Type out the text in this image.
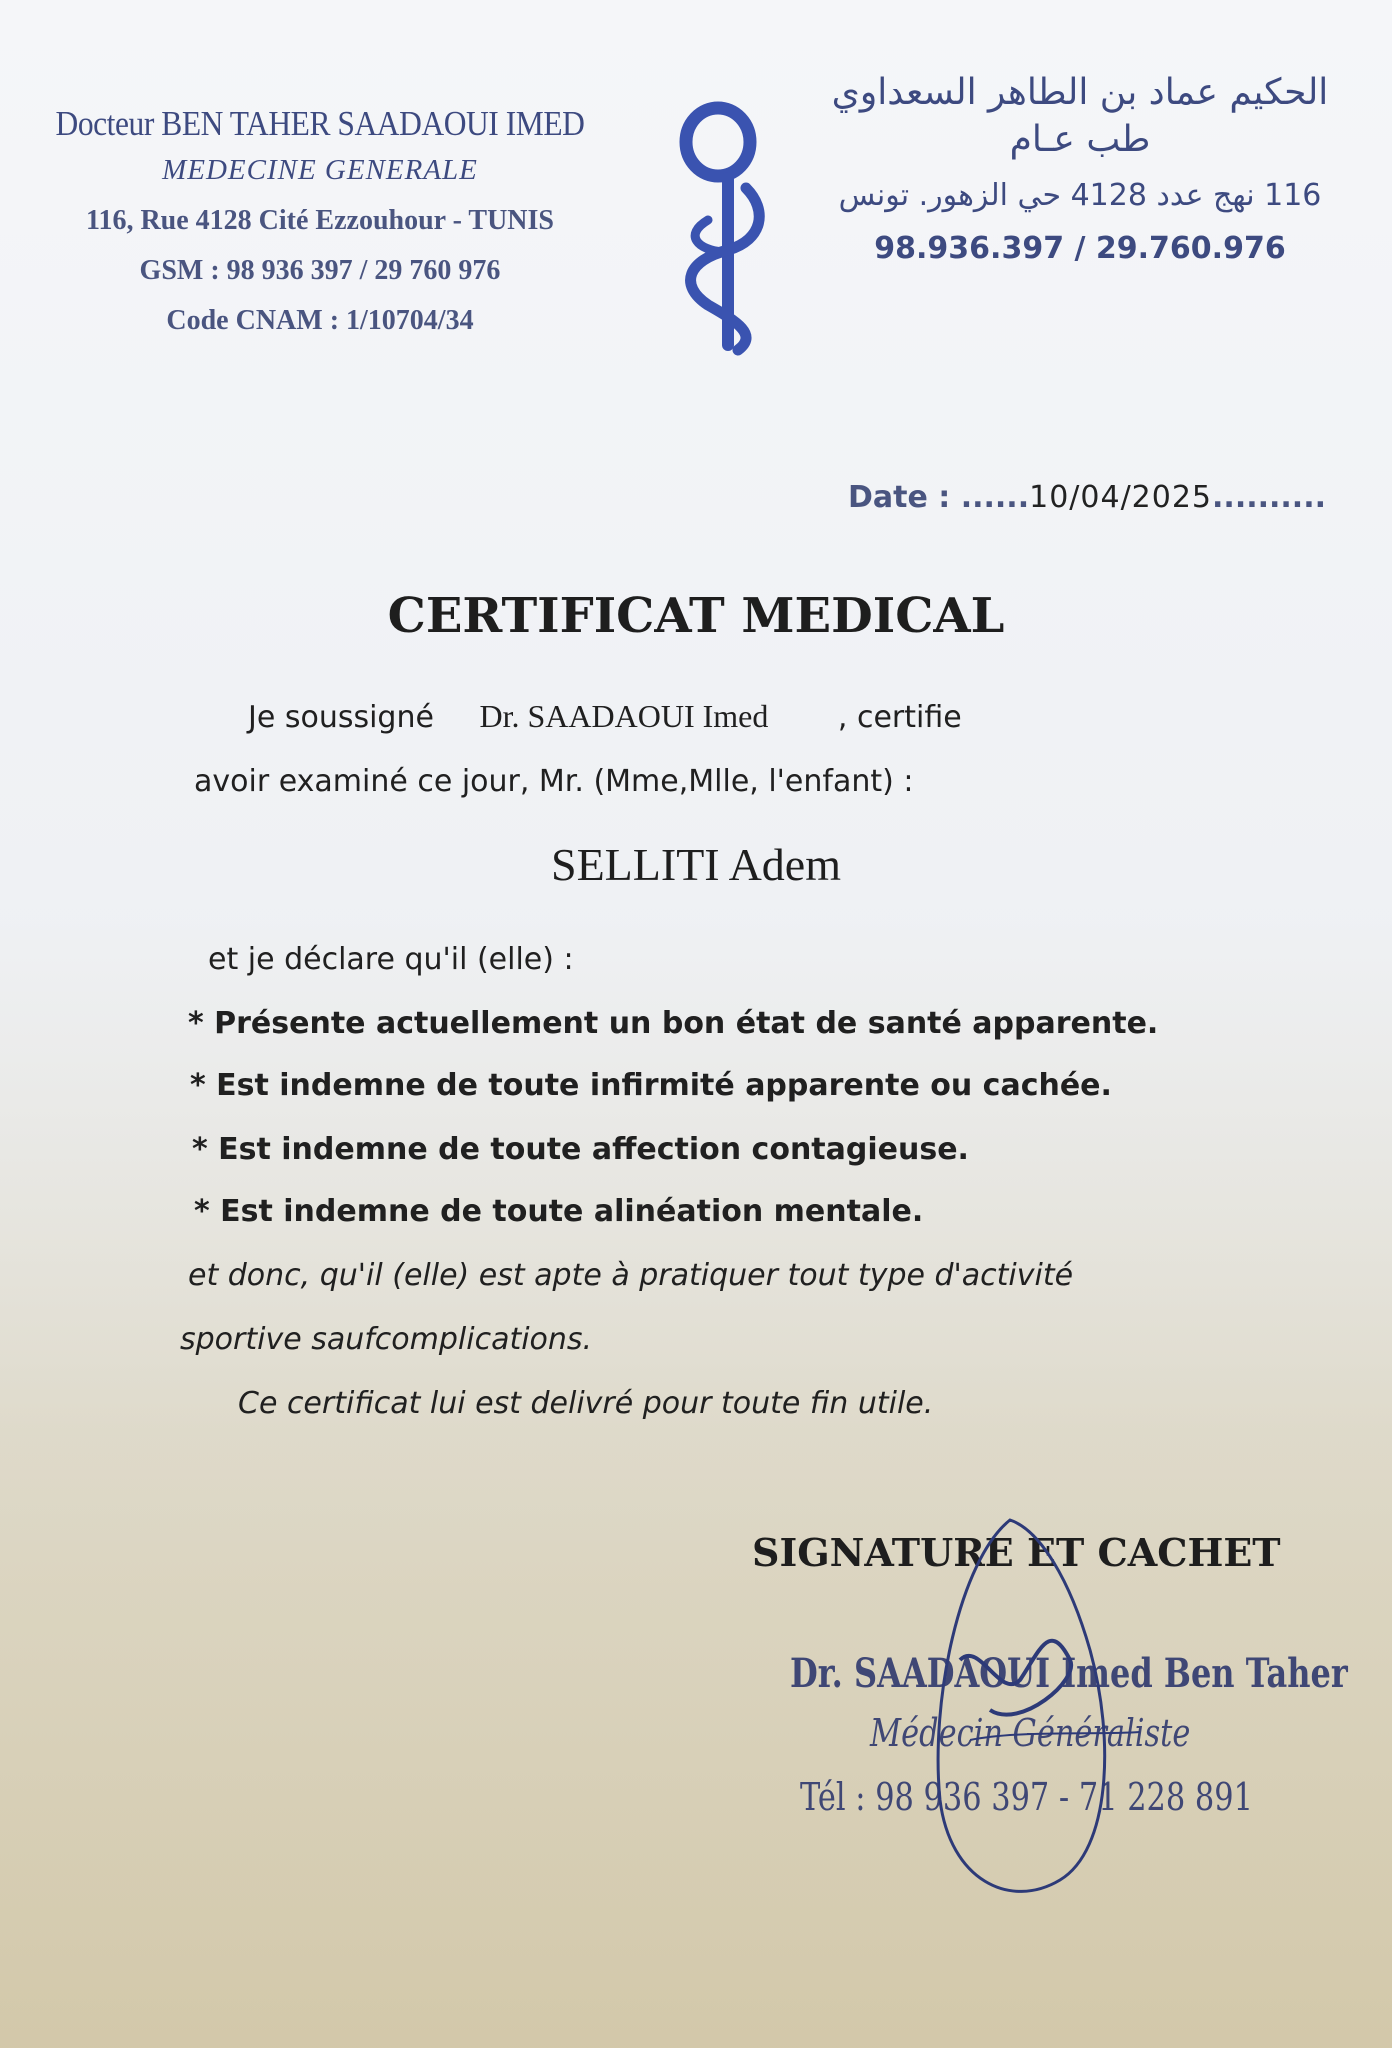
Docteur BEN TAHER SAADAOUI IMED
MEDECINE GENERALE
116, Rue 4128 Cité Ezzouhour - TUNIS
GSM : 98 936 397 / 29 760 976
Code CNAM : 1/10704/34
الحكيم عماد بن الطاهر السعداوي
طب عـام
116 نهج عدد 4128 حي الزهور. تونس
98.936.397 / 29.760.976
Date : ......10/04/2025..........
CERTIFICAT MEDICAL
Je soussigné Dr. SAADAOUI Imed , certifie
avoir examiné ce jour, Mr. (Mme,Mlle, l'enfant) :
SELLITI Adem
et je déclare qu'il (elle) :
* Présente actuellement un bon état de santé apparente.
* Est indemne de toute infirmité apparente ou cachée.
* Est indemne de toute affection contagieuse.
* Est indemne de toute alinéation mentale.
et donc, qu'il (elle) est apte à pratiquer tout type d'activité
sportive saufcomplications.
Ce certificat lui est delivré pour toute fin utile.
SIGNATURE ET CACHET
Dr. SAADAOUI Imed Ben Taher
Médecin Généraliste
Tél : 98 936 397 - 71 228 891
